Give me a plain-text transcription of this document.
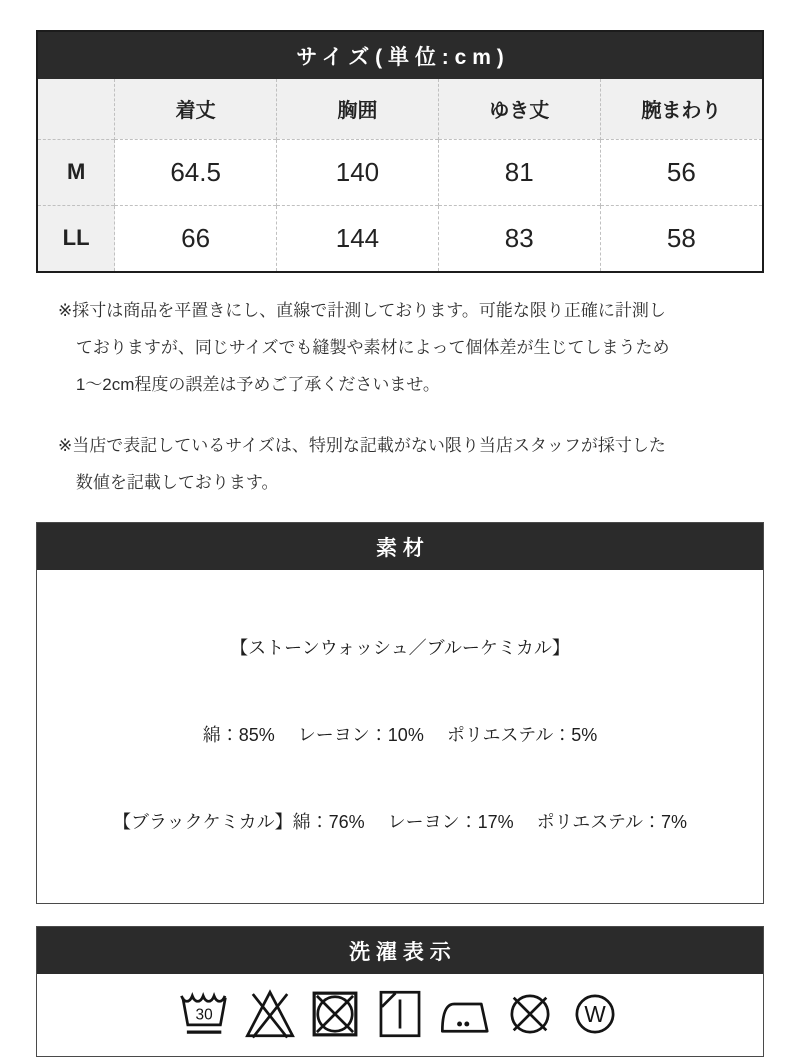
サイズ(単位:cm)
	着丈	胸囲	ゆき丈	腕まわり
M	64.5	140	81	56
LL	66	144	83	58
※採寸は商品を平置きにし、直線で計測しております。可能な限り正確に計測し
ておりますが、同じサイズでも縫製や素材によって個体差が生じてしまうため
1〜2cm程度の誤差は予めご了承くださいませ。
※当店で表記しているサイズは、特別な記載がない限り当店スタッフが採寸した
数値を記載しております。
素材

【ストーンウォッシュ／ブルーケミカル】

綿：85%　 レーヨン：10%　 ポリエステル：5%

【ブラックケミカル】綿：76%　 レーヨン：17%　 ポリエステル：7%

洗濯表示
30	W
